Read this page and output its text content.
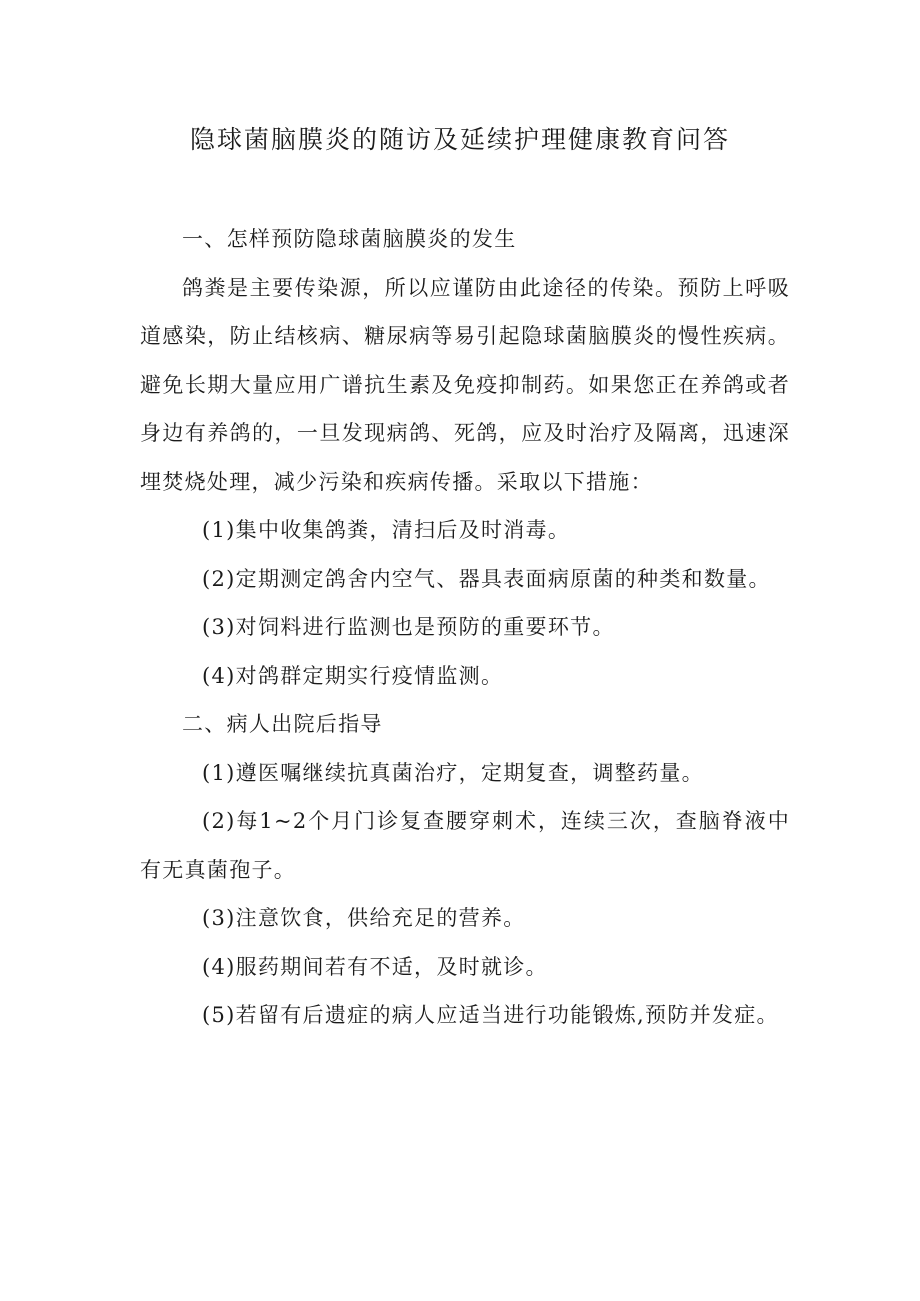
隐球菌脑膜炎的随访及延续护理健康教育问答

一、怎样预防隐球菌脑膜炎的发生

鸽粪是主要传染源，所以应谨防由此途径的传染。预防上呼吸道感染，防止结核病、糖尿病等易引起隐球菌脑膜炎的慢性疾病。避免长期大量应用广谱抗生素及免疫抑制药。如果您正在养鸽或者身边有养鸽的，一旦发现病鸽、死鸽，应及时治疗及隔离，迅速深埋焚烧处理，减少污染和疾病传播。采取以下措施：

(1)集中收集鸽粪，清扫后及时消毒。

(2)定期测定鸽舍内空气、器具表面病原菌的种类和数量。

(3)对饲料进行监测也是预防的重要环节。

(4)对鸽群定期实行疫情监测。

二、病人出院后指导

(1)遵医嘱继续抗真菌治疗，定期复查，调整药量。

(2)每1~2个月门诊复查腰穿刺术，连续三次，查脑脊液中有无真菌孢子。

(3)注意饮食，供给充足的营养。

(4)服药期间若有不适，及时就诊。

(5)若留有后遗症的病人应适当进行功能锻炼,预防并发症。
